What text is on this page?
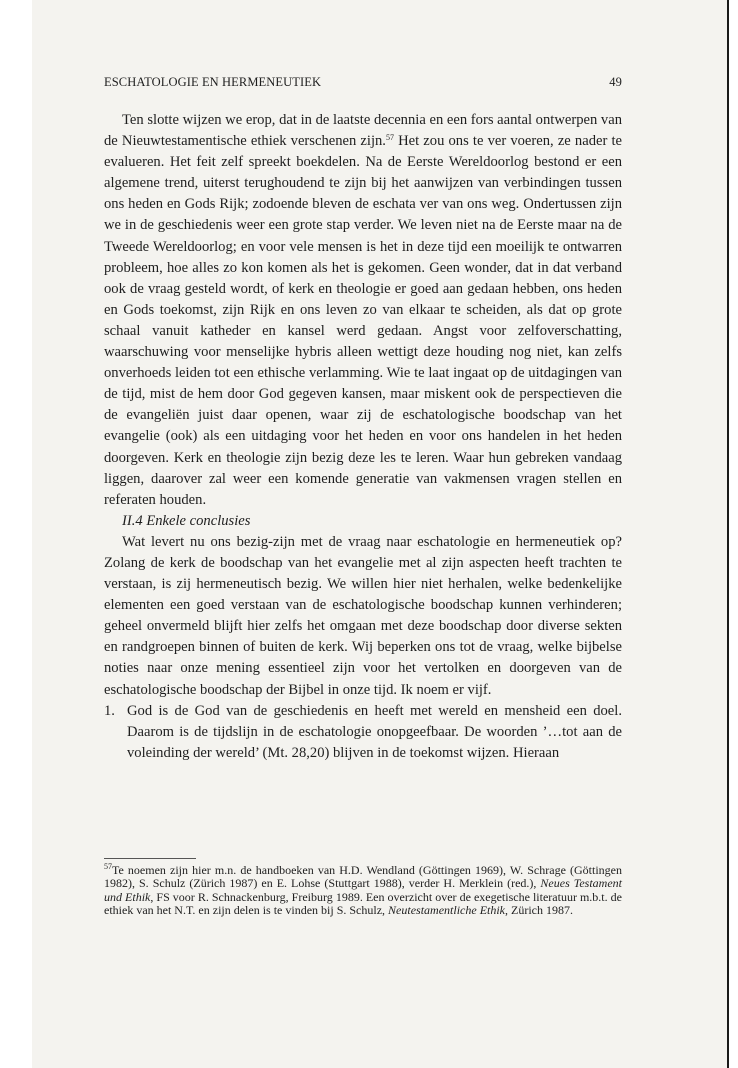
ESCHATOLOGIE EN HERMENEUTIEK	49

Ten slotte wijzen we erop, dat in de laatste decennia en een fors aantal ontwerpen van de Nieuwtestamentische ethiek verschenen zijn.$^{57}$ Het zou ons te ver voeren, ze nader te evalueren. Het feit zelf spreekt boekdelen. Na de Eerste Wereldoorlog bestond er een algemene trend, uiterst terughoudend te zijn bij het aanwijzen van verbindingen tussen ons heden en Gods Rijk; zodoende bleven de eschata ver van ons weg. Ondertussen zijn we in de geschiedenis weer een grote stap verder. We leven niet na de Eerste maar na de Tweede Wereldoorlog; en voor vele mensen is het in deze tijd een moeilijk te ontwarren probleem, hoe alles zo kon komen als het is gekomen. Geen wonder, dat in dat verband ook de vraag gesteld wordt, of kerk en theologie er goed aan gedaan hebben, ons heden en Gods toekomst, zijn Rijk en ons leven zo van elkaar te scheiden, als dat op grote schaal vanuit katheder en kansel werd gedaan. Angst voor zelfoverschatting, waarschuwing voor menselijke hybris alleen wettigt deze houding nog niet, kan zelfs onverhoeds leiden tot een ethische verlamming. Wie te laat ingaat op de uitdagingen van de tijd, mist de hem door God gegeven kansen, maar miskent ook de perspectieven die de evangeliën juist daar openen, waar zij de eschatologische boodschap van het evangelie (ook) als een uitdaging voor het heden en voor ons handelen in het heden doorgeven. Kerk en theologie zijn bezig deze les te leren. Waar hun gebreken vandaag liggen, daarover zal weer een komende generatie van vakmensen vragen stellen en referaten houden.

II.4 Enkele conclusies

Wat levert nu ons bezig-zijn met de vraag naar eschatologie en hermeneutiek op? Zolang de kerk de boodschap van het evangelie met al zijn aspecten heeft trachten te verstaan, is zij hermeneutisch bezig. We willen hier niet herhalen, welke bedenkelijke elementen een goed verstaan van de eschatologische boodschap kunnen verhinderen; geheel onvermeld blijft hier zelfs het omgaan met deze boodschap door diverse sekten en randgroepen binnen of buiten de kerk. Wij beperken ons tot de vraag, welke bijbelse noties naar onze mening essentieel zijn voor het vertolken en doorgeven van de eschatologische boodschap der Bijbel in onze tijd. Ik noem er vijf.

1. God is de God van de geschiedenis en heeft met wereld en mensheid een doel. Daarom is de tijdslijn in de eschatologie onopgeefbaar. De woorden ’…tot aan de voleinding der wereld’ (Mt. 28,20) blijven in de toekomst wijzen. Hieraan
$^{57}$Te noemen zijn hier m.n. de handboeken van H.D. Wendland (Göttingen 1969), W. Schrage (Göttingen 1982), S. Schulz (Zürich 1987) en E. Lohse (Stuttgart 1988), verder H. Merklein (red.), Neues Testament und Ethik, FS voor R. Schnackenburg, Freiburg 1989. Een overzicht over de exegetische literatuur m.b.t. de ethiek van het N.T. en zijn delen is te vinden bij S. Schulz, Neutestamentliche Ethik, Zürich 1987.
